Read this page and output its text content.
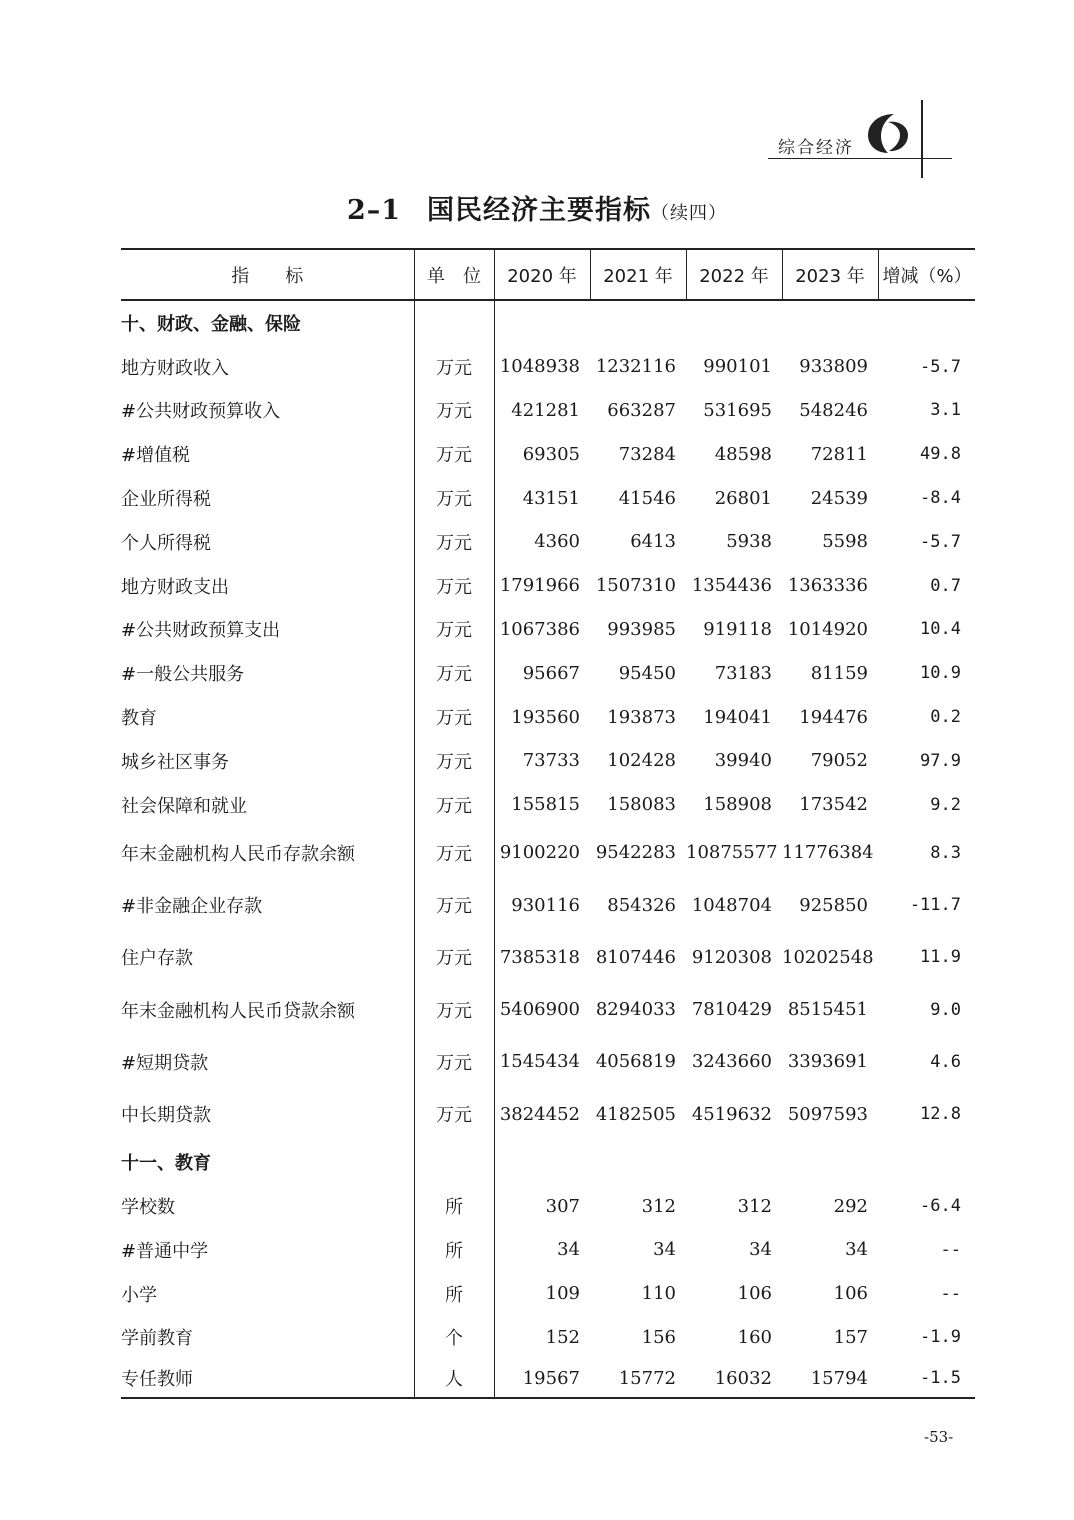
综合经济
2–1 国民经济主要指标（续四）
指　　标	单　位	2020 年	2021 年	2022 年	2023 年	增减（%）
十、财政、金融、保险						
地方财政收入	万元	1048938	1232116	990101	933809	-5.7
#公共财政预算收入	万元	421281	663287	531695	548246	3.1
#增值税	万元	69305	73284	48598	72811	49.8
企业所得税	万元	43151	41546	26801	24539	-8.4
个人所得税	万元	4360	6413	5938	5598	-5.7
地方财政支出	万元	1791966	1507310	1354436	1363336	0.7
#公共财政预算支出	万元	1067386	993985	919118	1014920	10.4
#一般公共服务	万元	95667	95450	73183	81159	10.9
教育	万元	193560	193873	194041	194476	0.2
城乡社区事务	万元	73733	102428	39940	79052	97.9
社会保障和就业	万元	155815	158083	158908	173542	9.2
年末金融机构人民币存款余额	万元	9100220	9542283	10875577	11776384	8.3
#非金融企业存款	万元	930116	854326	1048704	925850	-11.7
住户存款	万元	7385318	8107446	9120308	10202548	11.9
年末金融机构人民币贷款余额	万元	5406900	8294033	7810429	8515451	9.0
#短期贷款	万元	1545434	4056819	3243660	3393691	4.6
中长期贷款	万元	3824452	4182505	4519632	5097593	12.8
十一、教育						
学校数	所	307	312	312	292	-6.4
#普通中学	所	34	34	34	34	--
小学	所	109	110	106	106	--
学前教育	个	152	156	160	157	-1.9
专任教师	人	19567	15772	16032	15794	-1.5
-53-
